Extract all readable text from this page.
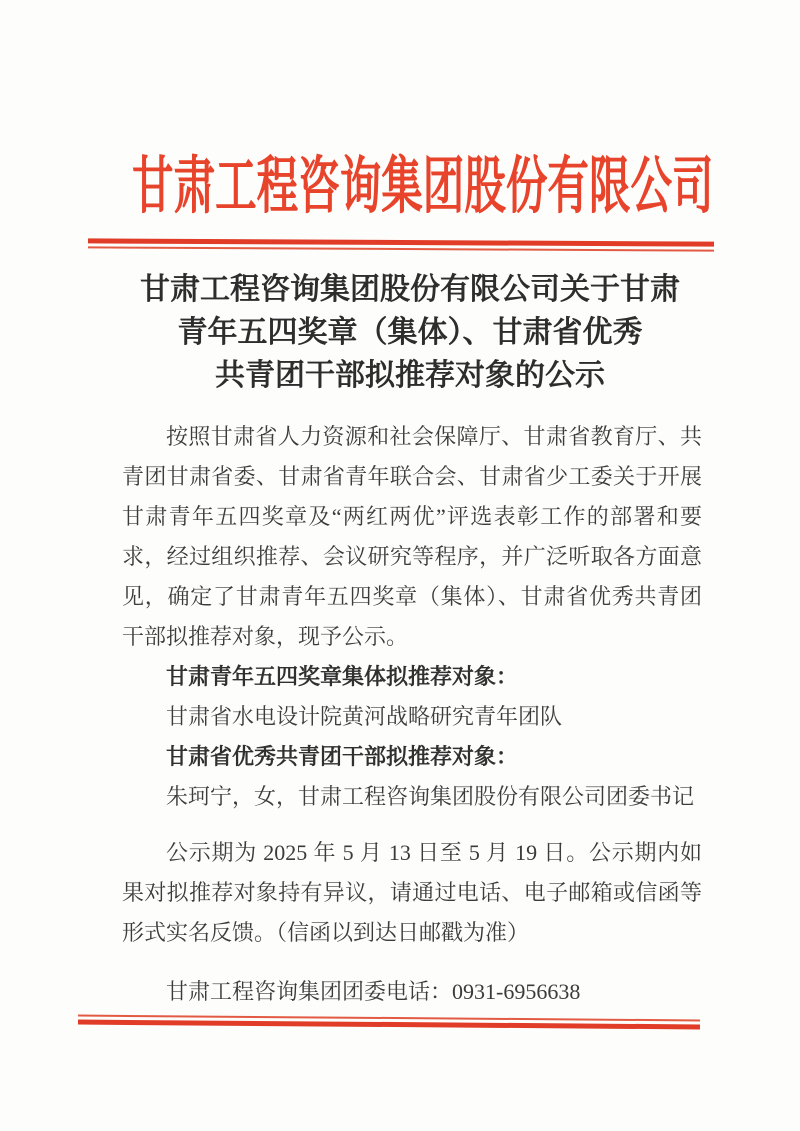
甘肃工程咨询集团股份有限公司
甘肃工程咨询集团股份有限公司关于甘肃
青年五四奖章（集体）、甘肃省优秀
共青团干部拟推荐对象的公示

按照甘肃省人力资源和社会保障厅、甘肃省教育厅、共青团甘肃省委、甘肃省青年联合会、甘肃省少工委关于开展甘肃青年五四奖章及“两红两优”评选表彰工作的部署和要求，经过组织推荐、会议研究等程序，并广泛听取各方面意见，确定了甘肃青年五四奖章（集体）、甘肃省优秀共青团干部拟推荐对象，现予公示。

甘肃青年五四奖章集体拟推荐对象：

甘肃省水电设计院黄河战略研究青年团队

甘肃省优秀共青团干部拟推荐对象：

朱珂宁，女，甘肃工程咨询集团股份有限公司团委书记

公示期为 2025 年 5 月 13 日至 5 月 19 日。公示期内如果对拟推荐对象持有异议，请通过电话、电子邮箱或信函等形式实名反馈。（信函以到达日邮戳为准）

甘肃工程咨询集团团委电话：0931-6956638
